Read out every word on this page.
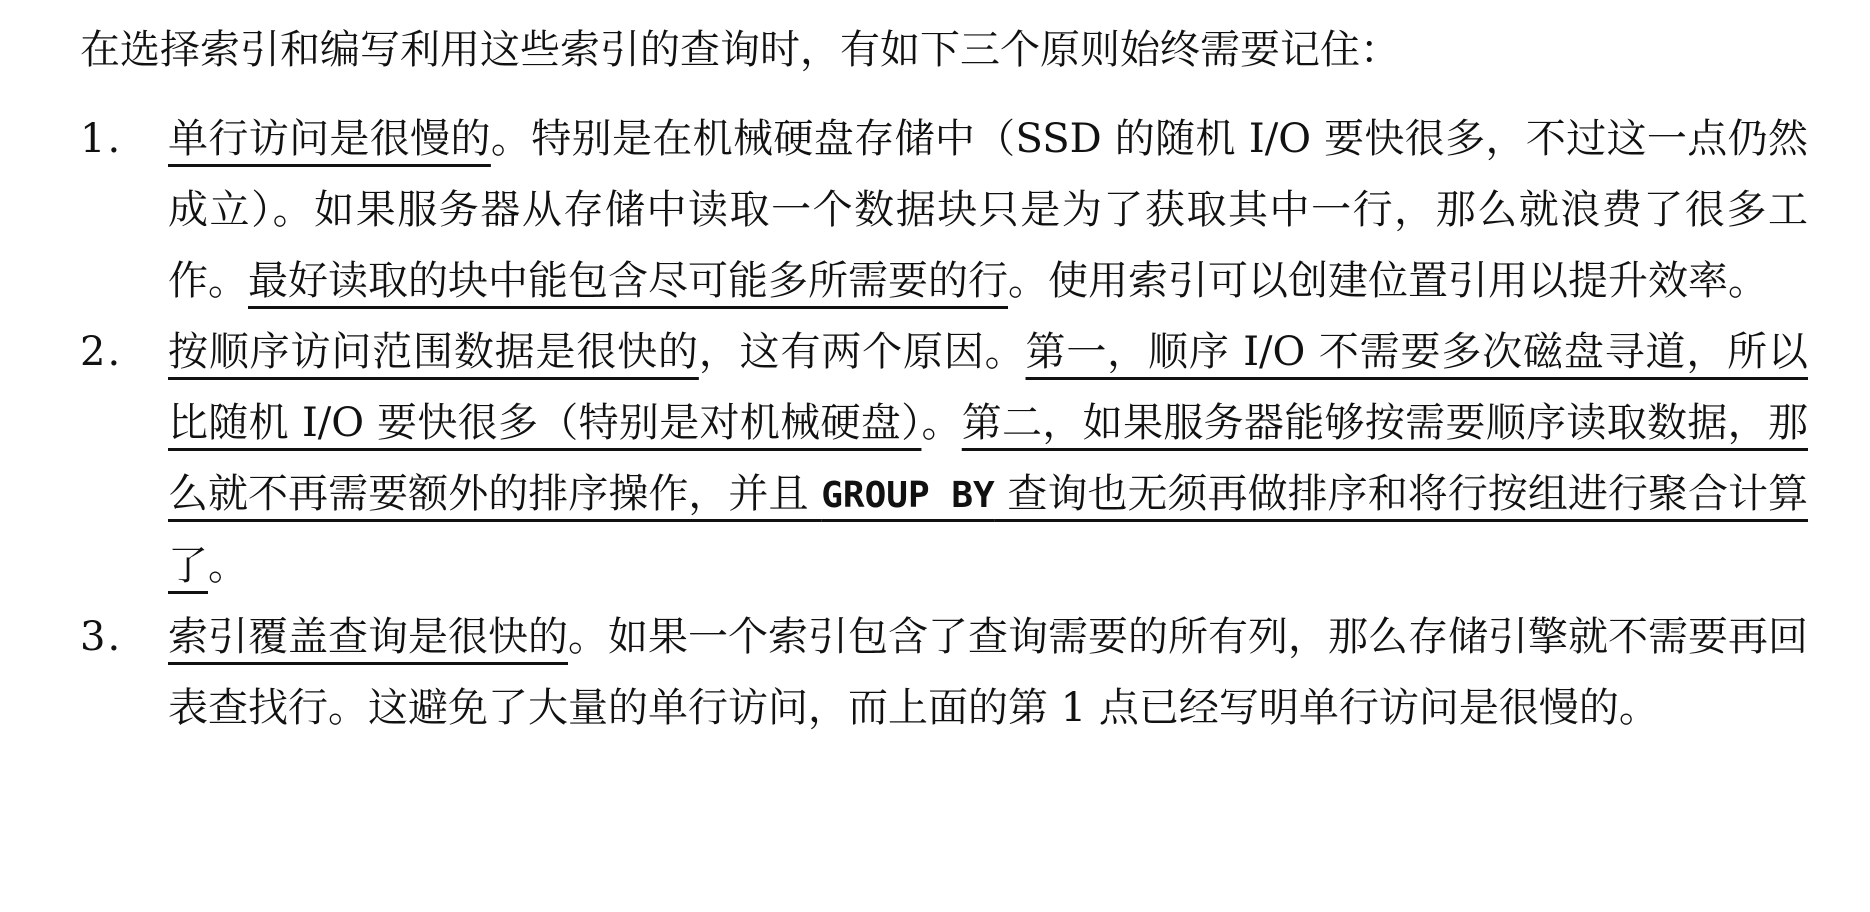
在选择索引和编写利用这些索引的查询时，有如下三个原则始终需要记住：

1.	单行访问是很慢的。特别是在机械硬盘存储中（SSD 的随机 I/O 要快很多，不过这一点仍然成立）。如果服务器从存储中读取一个数据块只是为了获取其中一行，那么就浪费了很多工作。最好读取的块中能包含尽可能多所需要的行。使用索引可以创建位置引用以提升效率。
2.	按顺序访问范围数据是很快的，这有两个原因。第一，顺序 I/O 不需要多次磁盘寻道，所以比随机 I/O 要快很多（特别是对机械硬盘）。第二，如果服务器能够按需要顺序读取数据，那么就不再需要额外的排序操作，并且 GROUP BY 查询也无须再做排序和将行按组进行聚合计算了。
3.	索引覆盖查询是很快的。如果一个索引包含了查询需要的所有列，那么存储引擎就不需要再回表查找行。这避免了大量的单行访问，而上面的第 1 点已经写明单行访问是很慢的。
